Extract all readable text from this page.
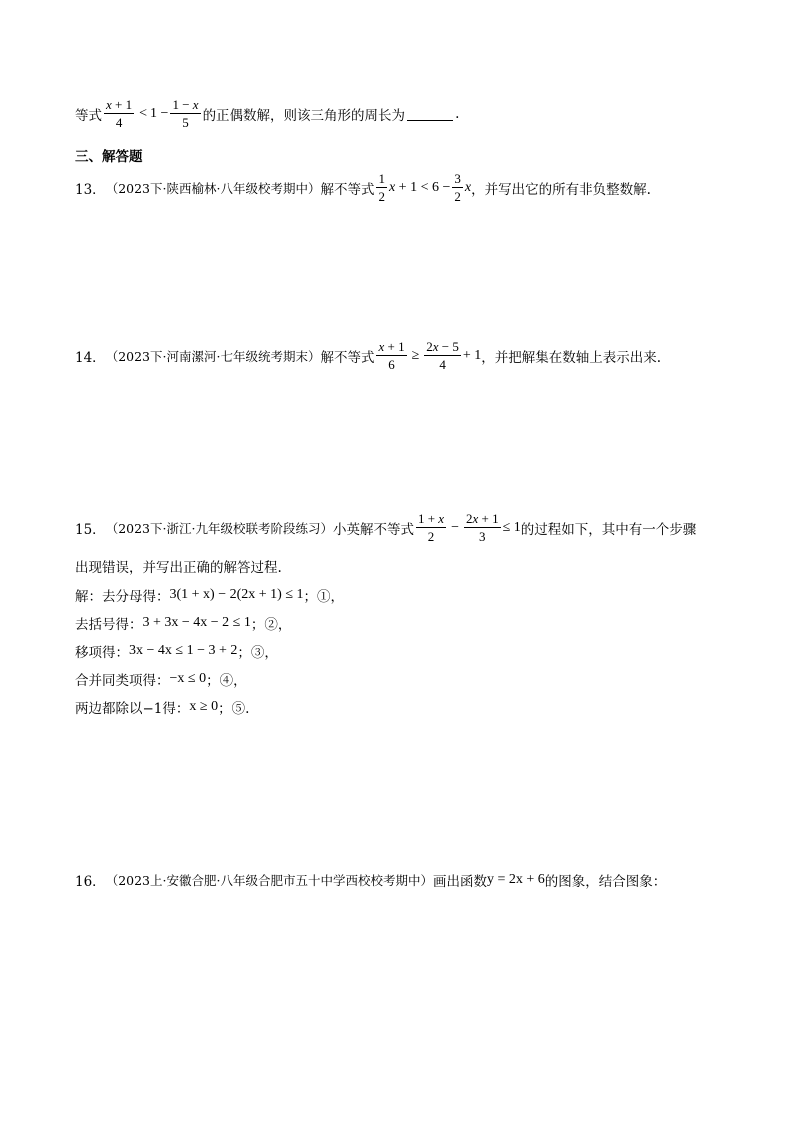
等式 $\frac{x + 1}{4} < 1 - \frac{1 - x}{5}$ 的正偶数解，则该三角形的周长为	.
三、解答题
13． （2023下·陕西榆林·八年级校考期中） 解不等式 $\frac{1}{2}$ $x + 1 < 6 - \frac{3}{2}$ x ，并写出它的所有非负整数解.
14． （2023下·河南漯河·七年级统考期末） 解不等式 $\frac{x + 1}{6} \ge \frac{2x - 5}{4} + 1$ ，并把解集在数轴上表示出来.
15． （2023下·浙江·九年级校联考阶段练习） 小英解不等式 $\frac{1 + x}{2} - \frac{2x + 1}{3} \le 1$ 的过程如下，其中有一个步骤
出现错误，并写出正确的解答过程.
解：去分母得： 3(1 + x) − 2(2x + 1) ≤ 1 ；①，
去括号得： 3 + 3x − 4x − 2 ≤ 1 ；②，
移项得： 3x − 4x ≤ 1 − 3 + 2 ；③，
合并同类项得： −x ≤ 0 ；④，
两边都除以−1得： x ≥ 0 ；⑤.
16． （2023上·安徽合肥·八年级合肥市五十中学西校校考期中） 画出函数 y = 2x + 6 的图象，结合图象：
